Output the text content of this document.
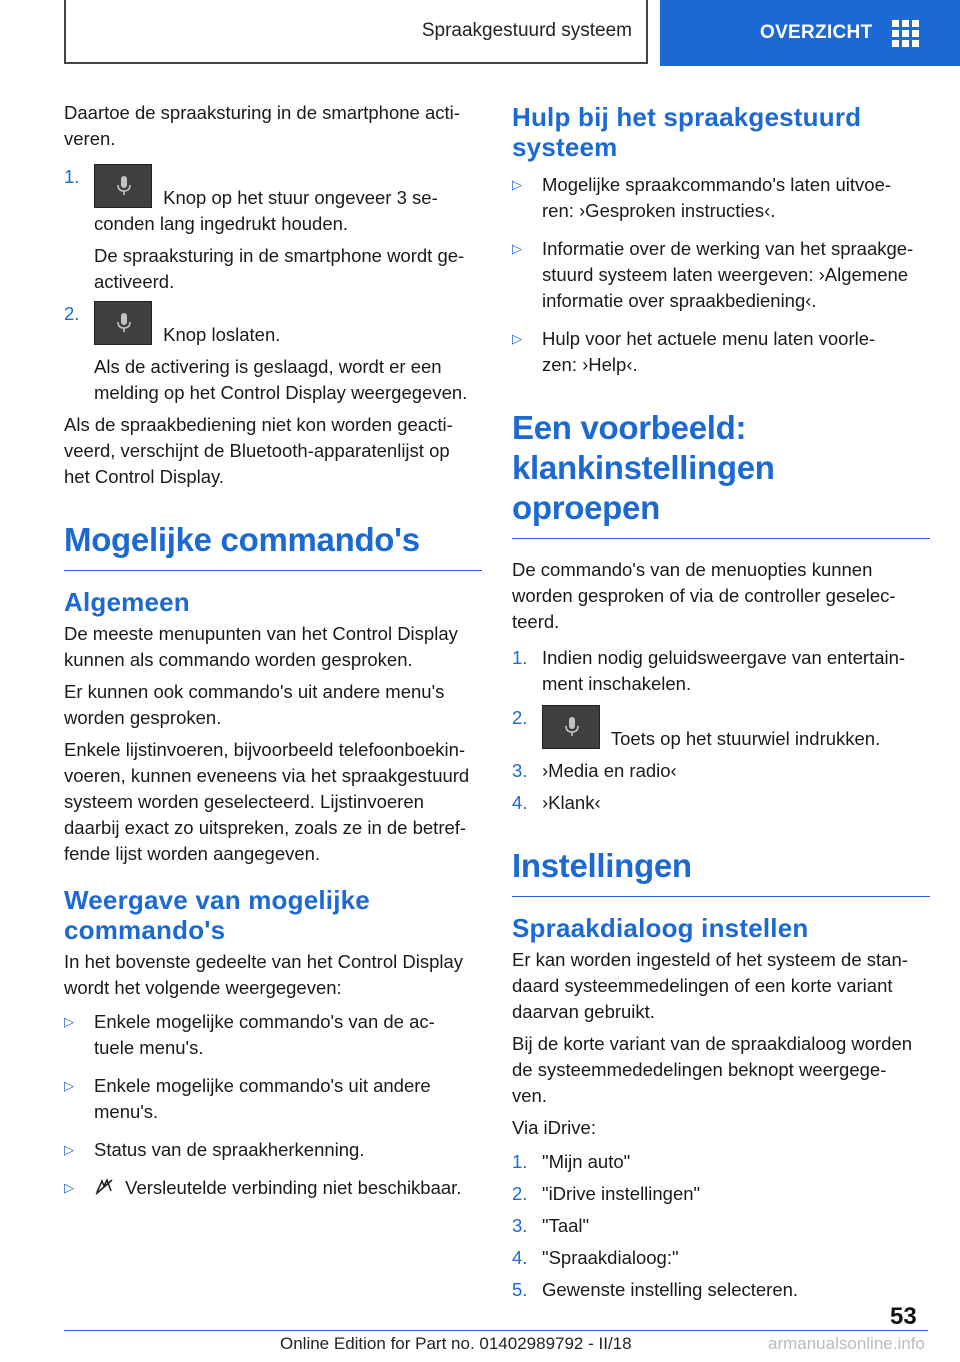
Spraakgestuurd systeem	OVERZICHT

Daartoe de spraaksturing in de smartphone acti-
veren.

1.
Knop op het stuur ongeveer 3 se-
conden lang ingedrukt houden.
De spraaksturing in de smartphone wordt ge-
activeerd.
2.
Knop loslaten.
Als de activering is geslaagd, wordt er een
melding op het Control Display weergegeven.

Als de spraakbediening niet kon worden geacti-
veerd, verschijnt de Bluetooth-apparatenlijst op
het Control Display.

Mogelijke commando's
Algemeen

De meeste menupunten van het Control Display
kunnen als commando worden gesproken.

Er kunnen ook commando's uit andere menu's
worden gesproken.

Enkele lijstinvoeren, bijvoorbeeld telefoonboekin-
voeren, kunnen eveneens via het spraakgestuurd
systeem worden geselecteerd. Lijstinvoeren
daarbij exact zo uitspreken, zoals ze in de betref-
fende lijst worden aangegeven.

Weergave van mogelijke
commando's

In het bovenste gedeelte van het Control Display
wordt het volgende weergegeven:

▷ Enkele mogelijke commando's van de ac-
tuele menu's.
▷ Enkele mogelijke commando's uit andere
menu's.
▷ Status van de spraakherkenning.
▷	Versleutelde verbinding niet beschikbaar.
Hulp bij het spraakgestuurd
systeem
▷ Mogelijke spraakcommando's laten uitvoe-
ren: ›Gesproken instructies‹.
▷ Informatie over de werking van het spraakge-
stuurd systeem laten weergeven: ›Algemene
informatie over spraakbediening‹.
▷ Hulp voor het actuele menu laten voorle-
zen: ›Help‹.
Een voorbeeld:
klankinstellingen oproepen

De commando's van de menuopties kunnen
worden gesproken of via de controller geselec-
teerd.

1. Indien nodig geluidsweergave van entertain-
ment inschakelen.
2.
Toets op het stuurwiel indrukken.
3. ›Media en radio‹
4. ›Klank‹
Instellingen
Spraakdialoog instellen

Er kan worden ingesteld of het systeem de stan-
daard systeemmedelingen of een korte variant
daarvan gebruikt.

Bij de korte variant van de spraakdialoog worden
de systeemmededelingen beknopt weergege-
ven.

Via iDrive:

1. "Mijn auto"
2. "iDrive instellingen"
3. "Taal"
4. "Spraakdialoog:"
5. Gewenste instelling selecteren.
53
Online Edition for Part no. 01402989792 - II/18	armanualsonline.info
